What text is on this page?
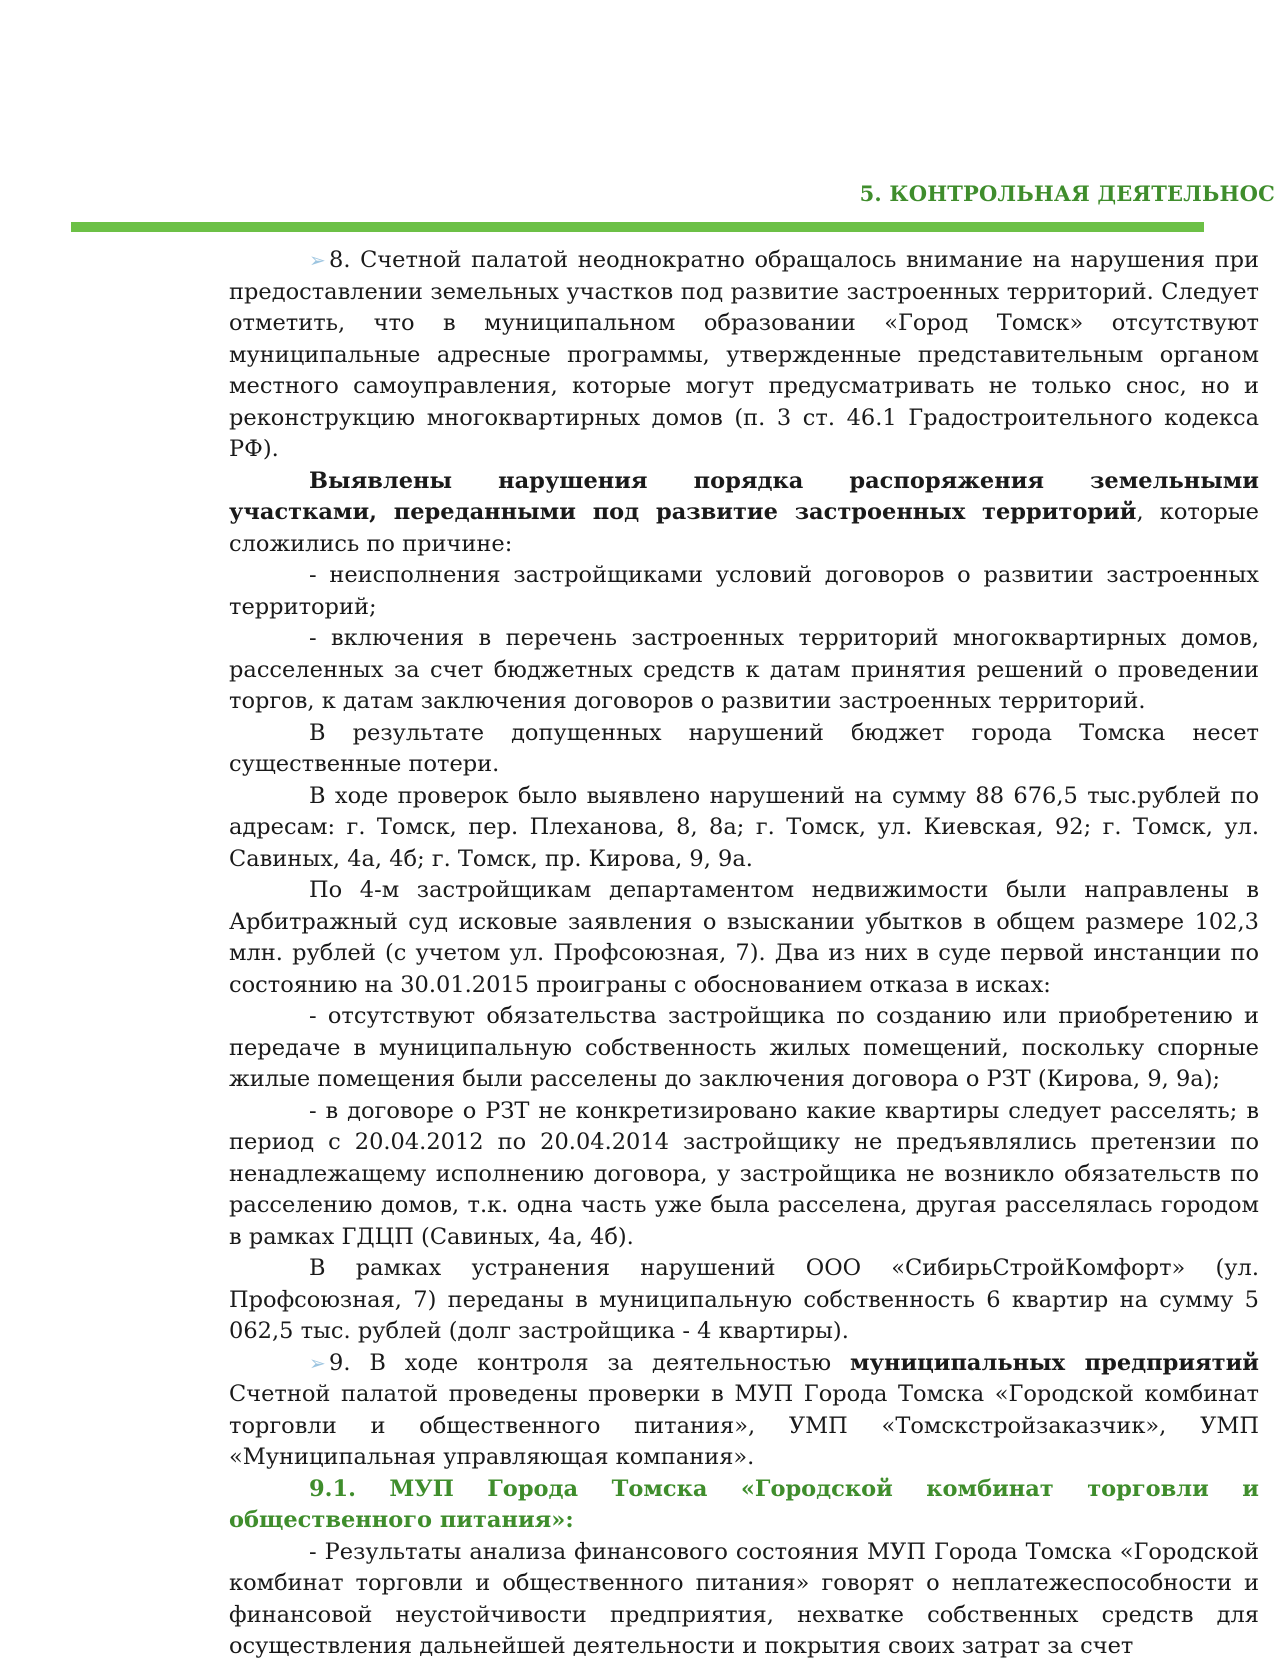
5. КОНТРОЛЬНАЯ ДЕЯТЕЛЬНОС

➢ 8. Счетной палатой неоднократно обращалось внимание на нарушения при предоставлении земельных участков под развитие застроенных территорий. Следует отметить, что в муниципальном образовании «Город Томск» отсутствуют муниципальные адресные программы, утвержденные представительным органом местного самоуправления, которые могут предусматривать не только снос, но и реконструкцию многоквартирных домов (п. 3 ст. 46.1 Градостроительного кодекса РФ).

Выявлены нарушения порядка распоряжения земельными участками, переданными под развитие застроенных территорий, которые сложились по причине:

- неисполнения застройщиками условий договоров о развитии застроенных территорий;

- включения в перечень застроенных территорий многоквартирных домов, расселенных за счет бюджетных средств к датам принятия решений о проведении торгов, к датам заключения договоров о развитии застроенных территорий.

В результате допущенных нарушений бюджет города Томска несет существенные потери.

В ходе проверок было выявлено нарушений на сумму 88 676,5 тыс.рублей по адресам: г. Томск, пер. Плеханова, 8, 8а; г. Томск, ул. Киевская, 92; г. Томск, ул. Савиных, 4а, 4б; г. Томск, пр. Кирова, 9, 9а.

По 4-м застройщикам департаментом недвижимости были направлены в Арбитражный суд исковые заявления о взыскании убытков в общем размере 102,3 млн. рублей (с учетом ул. Профсоюзная, 7). Два из них в суде первой инстанции по состоянию на 30.01.2015 проиграны с обоснованием отказа в исках:

- отсутствуют обязательства застройщика по созданию или приобретению и передаче в муниципальную собственность жилых помещений, поскольку спорные жилые помещения были расселены до заключения договора о РЗТ (Кирова, 9, 9а);

- в договоре о РЗТ не конкретизировано какие квартиры следует расселять; в период с 20.04.2012 по 20.04.2014 застройщику не предъявлялись претензии по ненадлежащему исполнению договора, у застройщика не возникло обязательств по расселению домов, т.к. одна часть уже была расселена, другая расселялась городом в рамках ГДЦП (Савиных, 4а, 4б).

В рамках устранения нарушений ООО «СибирьСтройКомфорт» (ул. Профсоюзная, 7) переданы в муниципальную собственность 6 квартир на сумму 5 062,5 тыс. рублей (долг застройщика - 4 квартиры).

➢ 9. В ходе контроля за деятельностью муниципальных предприятий Счетной палатой проведены проверки в МУП Города Томска «Городской комбинат торговли и общественного питания», УМП «Томскстройзаказчик», УМП «Муниципальная управляющая компания».

9.1. МУП Города Томска «Городской комбинат торговли и общественного питания»:

- Результаты анализа финансового состояния МУП Города Томска «Городской комбинат торговли и общественного питания» говорят о неплатежеспособности и финансовой неустойчивости предприятия, нехватке собственных средств для осуществления дальнейшей деятельности и покрытия своих затрат за счет
